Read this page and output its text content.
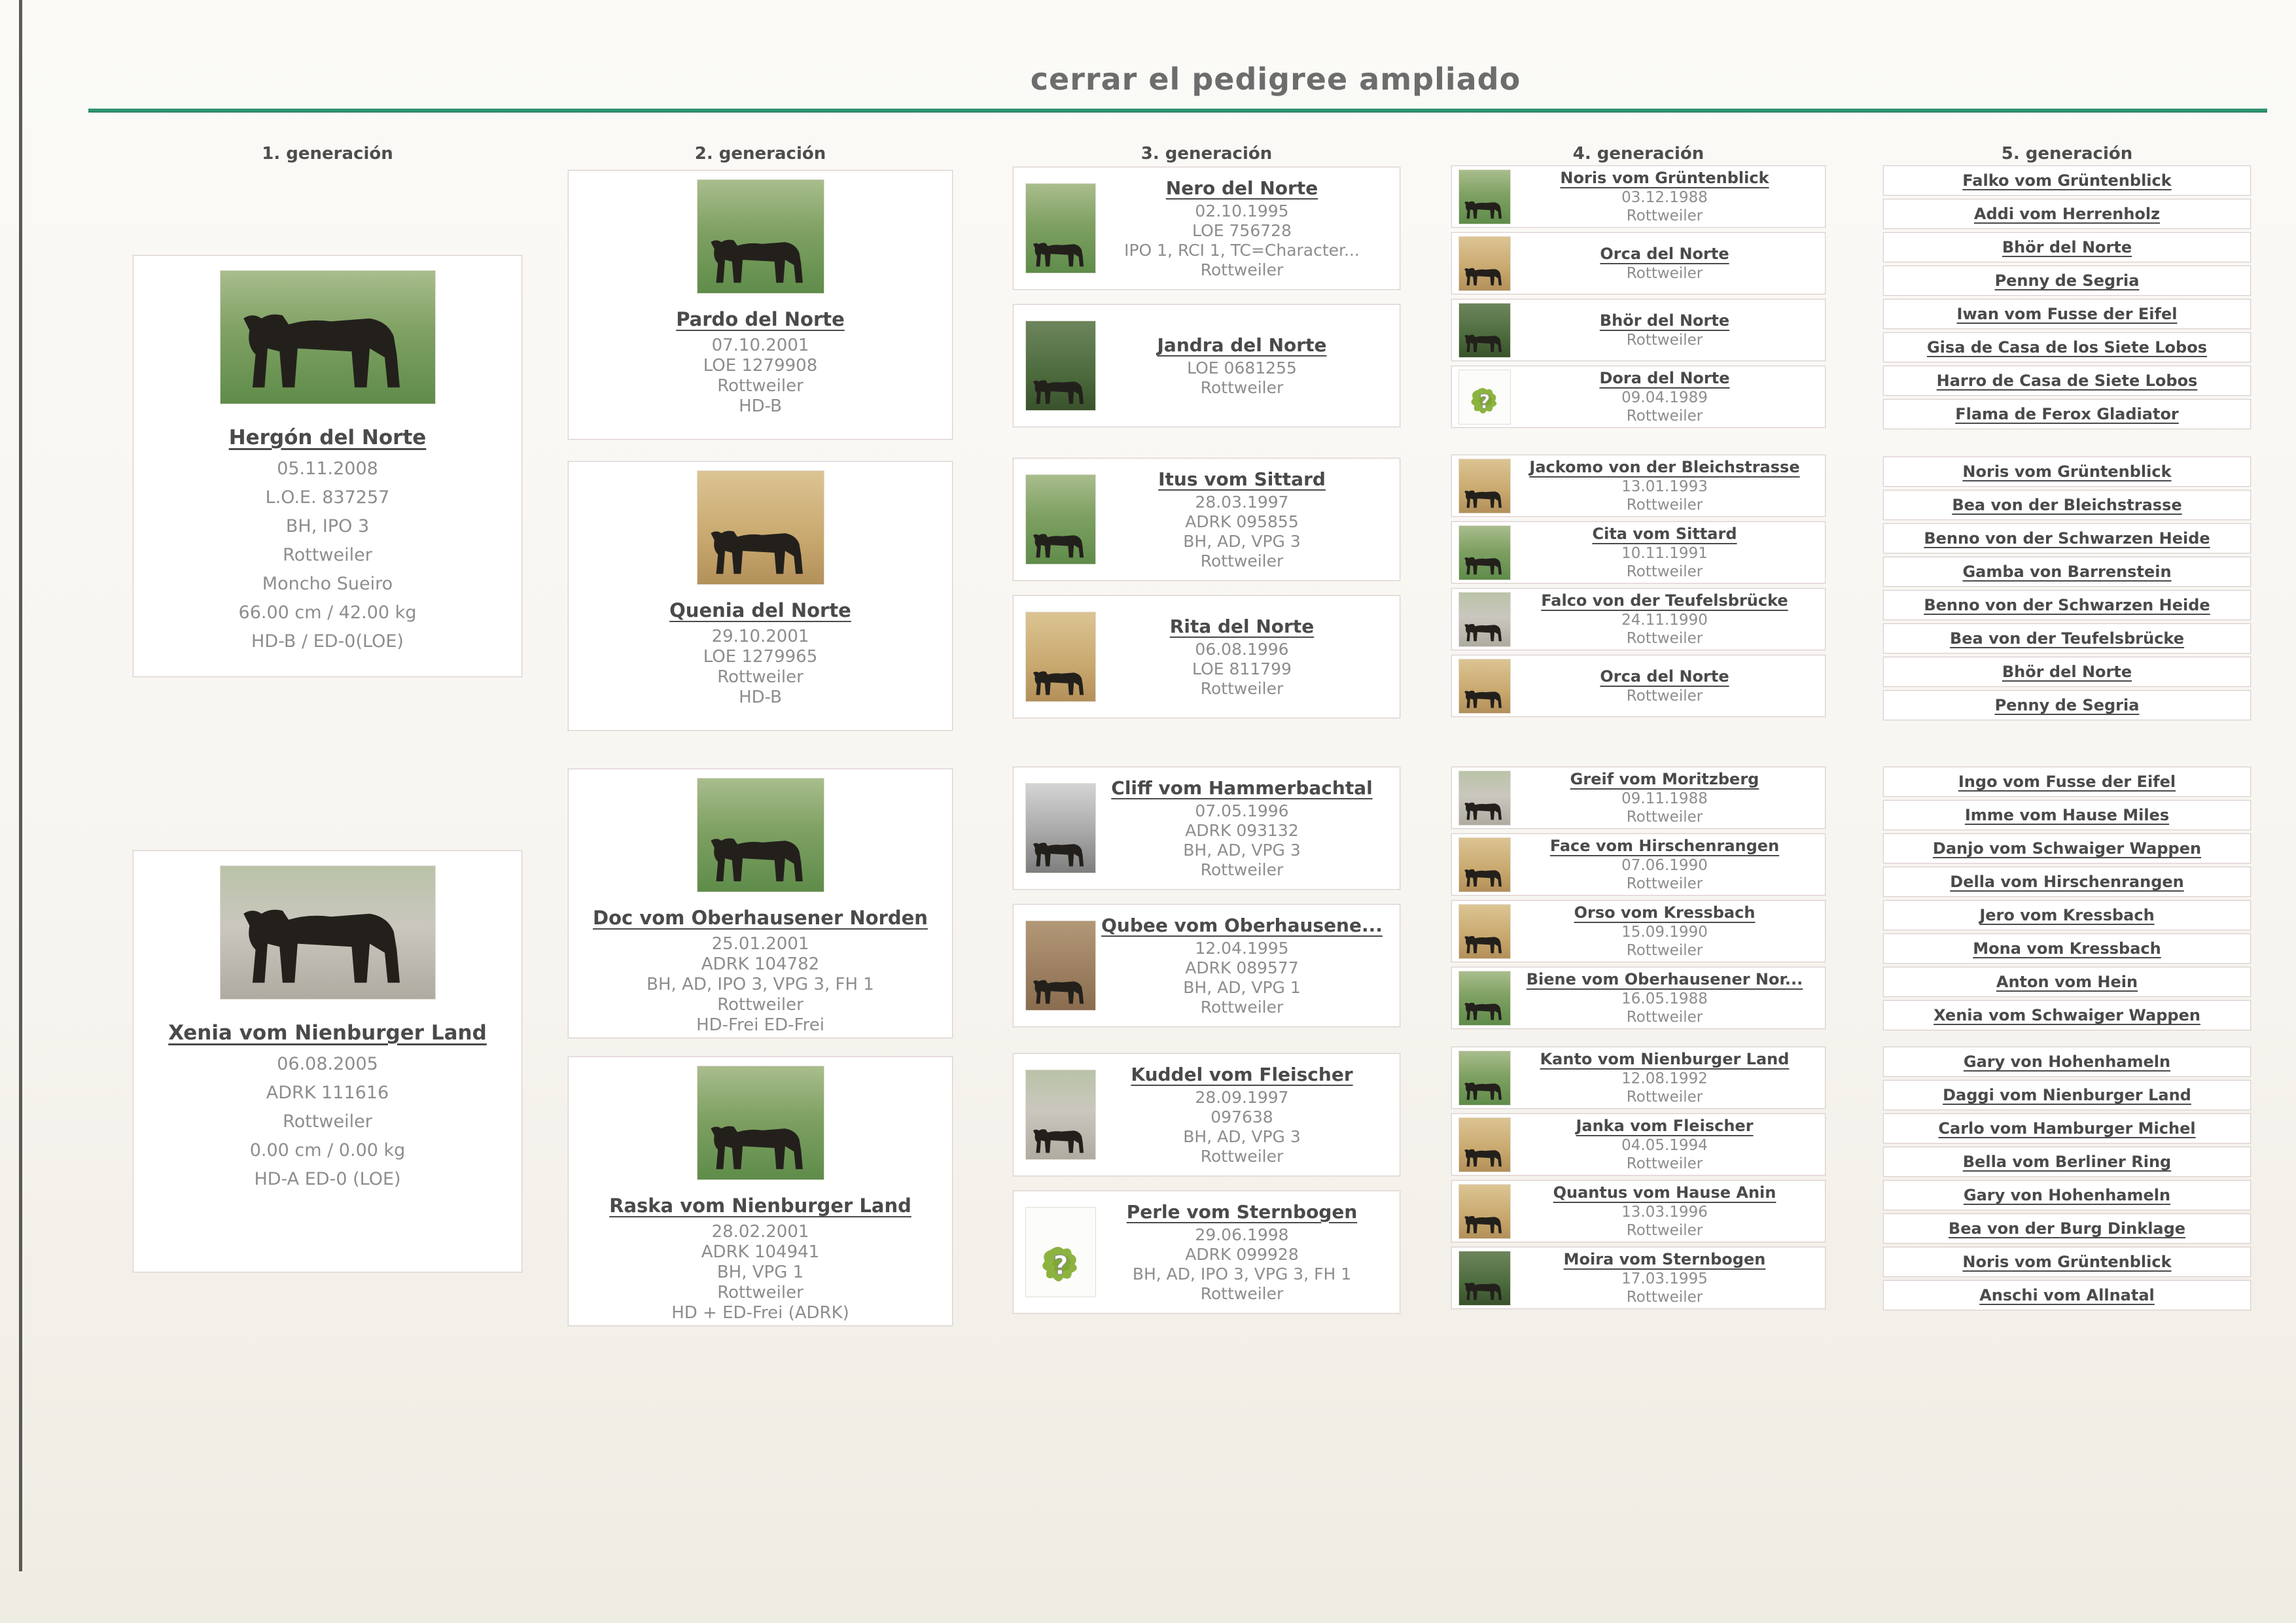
cerrar el pedigree ampliado
1. generación
Hergón del Norte
05.11.2008
L.O.E. 837257
BH, IPO 3
Rottweiler
Moncho Sueiro
66.00 cm / 42.00 kg
HD-B / ED-0(LOE)
Xenia vom Nienburger Land
06.08.2005
ADRK 111616
Rottweiler
0.00 cm / 0.00 kg
HD-A ED-0 (LOE)
2. generación
Pardo del Norte
07.10.2001
LOE 1279908
Rottweiler
HD-B
Quenia del Norte
29.10.2001
LOE 1279965
Rottweiler
HD-B
Doc vom Oberhausener Norden
25.01.2001
ADRK 104782
BH, AD, IPO 3, VPG 3, FH 1
Rottweiler
HD-Frei ED-Frei
Raska vom Nienburger Land
28.02.2001
ADRK 104941
BH, VPG 1
Rottweiler
HD + ED-Frei (ADRK)
3. generación
Nero del Norte
02.10.1995
LOE 756728
IPO 1, RCI 1, TC=Character...
Rottweiler
Jandra del Norte
LOE 0681255
Rottweiler
Itus vom Sittard
28.03.1997
ADRK 095855
BH, AD, VPG 3
Rottweiler
Rita del Norte
06.08.1996
LOE 811799
Rottweiler
Cliff vom Hammerbachtal
07.05.1996
ADRK 093132
BH, AD, VPG 3
Rottweiler
Qubee vom Oberhausene...
12.04.1995
ADRK 089577
BH, AD, VPG 1
Rottweiler
Kuddel vom Fleischer
28.09.1997
097638
BH, AD, VPG 3
Rottweiler
?
Perle vom Sternbogen
29.06.1998
ADRK 099928
BH, AD, IPO 3, VPG 3, FH 1
Rottweiler
4. generación
Noris vom Grüntenblick
03.12.1988
Rottweiler
Orca del Norte
Rottweiler
Bhör del Norte
Rottweiler
?
Dora del Norte
09.04.1989
Rottweiler
Jackomo von der Bleichstrasse
13.01.1993
Rottweiler
Cita vom Sittard
10.11.1991
Rottweiler
Falco von der Teufelsbrücke
24.11.1990
Rottweiler
Orca del Norte
Rottweiler
Greif vom Moritzberg
09.11.1988
Rottweiler
Face vom Hirschenrangen
07.06.1990
Rottweiler
Orso vom Kressbach
15.09.1990
Rottweiler
Biene vom Oberhausener Nor...
16.05.1988
Rottweiler
Kanto vom Nienburger Land
12.08.1992
Rottweiler
Janka vom Fleischer
04.05.1994
Rottweiler
Quantus vom Hause Anin
13.03.1996
Rottweiler
Moira vom Sternbogen
17.03.1995
Rottweiler
5. generación
Falko vom Grüntenblick
Addi vom Herrenholz
Bhör del Norte
Penny de Segria
Iwan vom Fusse der Eifel
Gisa de Casa de los Siete Lobos
Harro de Casa de Siete Lobos
Flama de Ferox Gladiator
Noris vom Grüntenblick
Bea von der Bleichstrasse
Benno von der Schwarzen Heide
Gamba von Barrenstein
Benno von der Schwarzen Heide
Bea von der Teufelsbrücke
Bhör del Norte
Penny de Segria
Ingo vom Fusse der Eifel
Imme vom Hause Miles
Danjo vom Schwaiger Wappen
Della vom Hirschenrangen
Jero vom Kressbach
Mona vom Kressbach
Anton vom Hein
Xenia vom Schwaiger Wappen
Gary von Hohenhameln
Daggi vom Nienburger Land
Carlo vom Hamburger Michel
Bella vom Berliner Ring
Gary von Hohenhameln
Bea von der Burg Dinklage
Noris vom Grüntenblick
Anschi vom Allnatal
